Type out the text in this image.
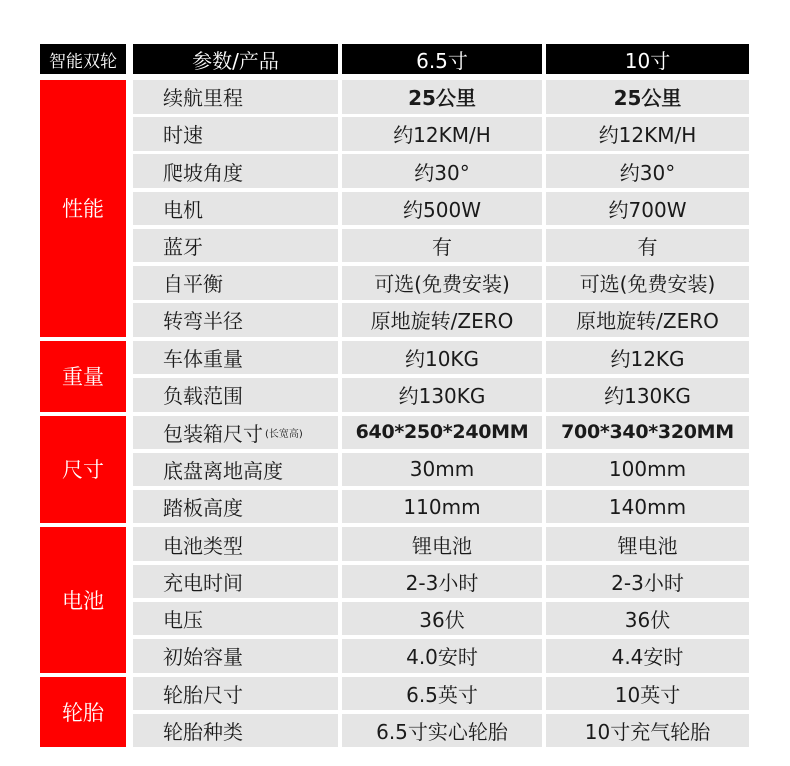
智能双轮	参数/产品	6.5寸	10寸
性能
续航里程	25公里	25公里
时速	约12KM/H	约12KM/H
爬坡角度	约30°	约30°
电机	约500W	约700W
蓝牙	有	有
自平衡	可选(免费安装)	可选(免费安装)
转弯半径	原地旋转/ZERO	原地旋转/ZERO
重量
车体重量	约10KG	约12KG
负载范围	约130KG	约130KG
尺寸
包装箱尺寸 (长宽高)	640*250*240MM	700*340*320MM
底盘离地高度	30mm	100mm
踏板高度	110mm	140mm
电池
电池类型	锂电池	锂电池
充电时间	2-3小时	2-3小时
电压	36伏	36伏
初始容量	4.0安时	4.4安时
轮胎
轮胎尺寸	6.5英寸	10英寸
轮胎种类	6.5寸实心轮胎	10寸充气轮胎
